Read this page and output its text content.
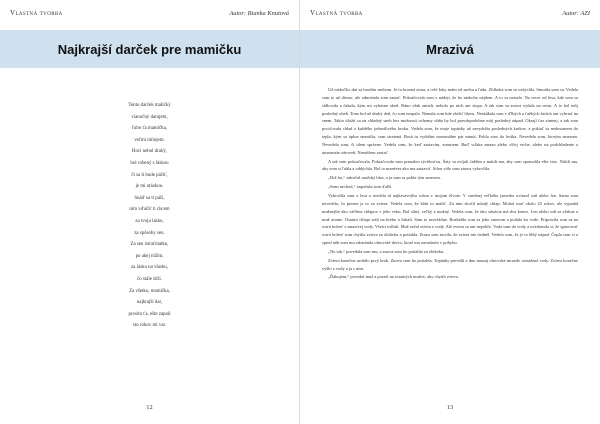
Vlastná tvorba	Autor: Bianka Knutová
Najkrajší darček pre mamičku
Tento darček maličký
vianočný darujem,
ľubo ťa mamička,
veľmi milujem.
Hoci nebol drahý,
bol robený s láskou
či sa ti bude páčiť,
je mi otázkou.
Snáď sa ti páči,
nim vďačiť ti chcem
za tvoju lásku,
za spôsoby sen.
Za sen istraťmatku,
po akej túžim,
za lásku na vlasku,
čo stále drží.
Za všetko, mamička,
najkrajší dar,
prosím ťa, ešte zapoň
sto rokov mi var.
12
Vlastná tvorba	Autor: AZI
Mrazivá

Už niekoľko dní sa brodím snehom. Je tu hrozná zima, a celé kúty mám od snehu a ľadu. Zhlboka som sa vzdychla. Smutila som sa. Vedela som to už dávno, ale odmietala som zastať. Pokračovala som v nádeji, že ho niekoho nájdem. A to sa nestalo. Na sever od lesa, kde som sa sídlovala a čakala, kým mi vyhasne oheň. Ráno však zmizli, nebolo po nich ani stopa. A tak som sa znova vydala na cestu. A to bol môj posledný oheň. Tono bol už druhý deň, čo som nespala. Nemala som kde zložiť hlavu. Neskákala som v ďlhých a ťažkých šatách ani vyhriať na snem. Takto úložtí sa na chladný sneh bez možnosti ochrany ohňa by bol pravdepodobne môj posledný nápad. Okrajl ťaz zimnej, a tak som pociťovala chlad z každého jednotlivého kroku. Vedela som, že moje topánky už nevydržia posledných krokov, a pokiaľ sa nedostanem do tepla, kým sa úplne nezničia, som stratená. Bosá tu vydržím maximálne pár minút. Pohla som do lesíka. Nevedela som, ktorým smerom. Nevedela som, či idem správne. Vedela som, že keď zastavím, zomriem. Buď vďaka mrazu alebo vlčej vrche, alebo na podchladenie a umrznutie zároveň. Nemôžem zastať.

A tak som pokračovala. Pokračovala som pomalou rýchlosťou. Šaty sa zvíjali ťažším a mútili ma, aby som spomalila ešte viac. Nútili ma, aby som si ľahla a oddýchla. Bol to manéver ako ma zastaviť. Silou vôle som znova vykročila.

„Drž ho,“ zakričal mužský hlas, a ja som sa pohla tým smerom.

„Sean nechod,“ započula som ďalší.

Vykročila som z lesa a uvidela tú najkrvavejšiu scénu v mojom živote. V strednej veľkého jazierka uviazol soň alebo len. Sama som nevedela, čo presne je to za zviera. Vedela som, že kláti to mačiť. Za ním skočil mladý chlap. Mohol mať okolo 25 rokov, ale vypadal mužnejšie ako väčšina chlapov v jeho veku. Bol silný, veľký a mužný. Vedela som, že táto situácia má dva konce. Len alebo soň sa zľakne a muž utonie. Ostatní chlapi stáli na brehu a čakali. Sám to nezvládne. Rozbehla som sa jeho smerom a podala ku vode. Pripravila som sa na ostrú bolesť z mrazivej vody. Všetci mlčali. Muž začal zviera z vody. Ale zviera sa ani nepohlo. Voda som do vody a uvedomila si, že ignorovať ostrú bolesť som chytila zviera za ohlávku a potiahla. Zrazu som tuctila, že zviera nie úzdnél. Vedela som, že je to hlbý nápad. Čupla som si a spred nôh som mu odstránila ohrovské drevo, ktoré mu zavadzalo v pohybu.

„No tak,“ povedala som mu, a znova som ho potiahla za ohlávku.

Zviera konečne urobilo prvý krok. Znova som ho potiahla. Topánky prevdili a dno naozaj ohrovské mrazilo ostražené vody. Zviera konečne vyšlo z vody a ja s ním.

„Ďakujem,“ povedal muž a pozrel na ostatných mužov, aby chytili zviera.

13
